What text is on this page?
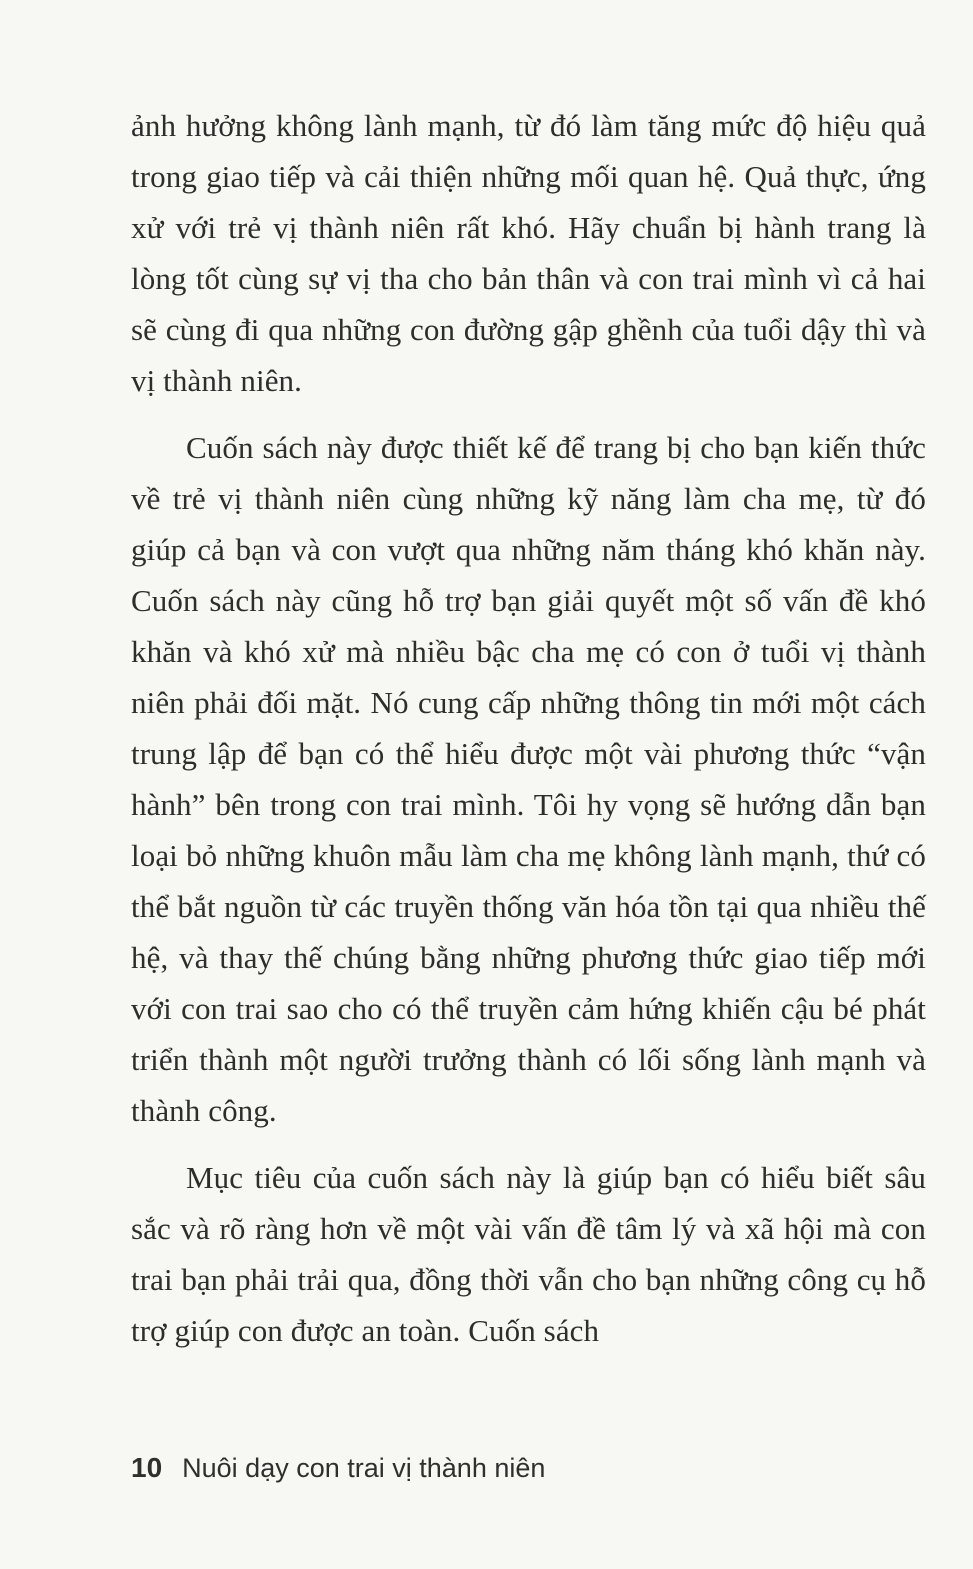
ảnh hưởng không lành mạnh, từ đó làm tăng mức độ hiệu quả trong giao tiếp và cải thiện những mối quan hệ. Quả thực, ứng xử với trẻ vị thành niên rất khó. Hãy chuẩn bị hành trang là lòng tốt cùng sự vị tha cho bản thân và con trai mình vì cả hai sẽ cùng đi qua những con đường gập ghềnh của tuổi dậy thì và vị thành niên.

Cuốn sách này được thiết kế để trang bị cho bạn kiến thức về trẻ vị thành niên cùng những kỹ năng làm cha mẹ, từ đó giúp cả bạn và con vượt qua những năm tháng khó khăn này. Cuốn sách này cũng hỗ trợ bạn giải quyết một số vấn đề khó khăn và khó xử mà nhiều bậc cha mẹ có con ở tuổi vị thành niên phải đối mặt. Nó cung cấp những thông tin mới một cách trung lập để bạn có thể hiểu được một vài phương thức “vận hành” bên trong con trai mình. Tôi hy vọng sẽ hướng dẫn bạn loại bỏ những khuôn mẫu làm cha mẹ không lành mạnh, thứ có thể bắt nguồn từ các truyền thống văn hóa tồn tại qua nhiều thế hệ, và thay thế chúng bằng những phương thức giao tiếp mới với con trai sao cho có thể truyền cảm hứng khiến cậu bé phát triển thành một người trưởng thành có lối sống lành mạnh và thành công.

Mục tiêu của cuốn sách này là giúp bạn có hiểu biết sâu sắc và rõ ràng hơn về một vài vấn đề tâm lý và xã hội mà con trai bạn phải trải qua, đồng thời vẫn cho bạn những công cụ hỗ trợ giúp con được an toàn. Cuốn sách

10 Nuôi dạy con trai vị thành niên
